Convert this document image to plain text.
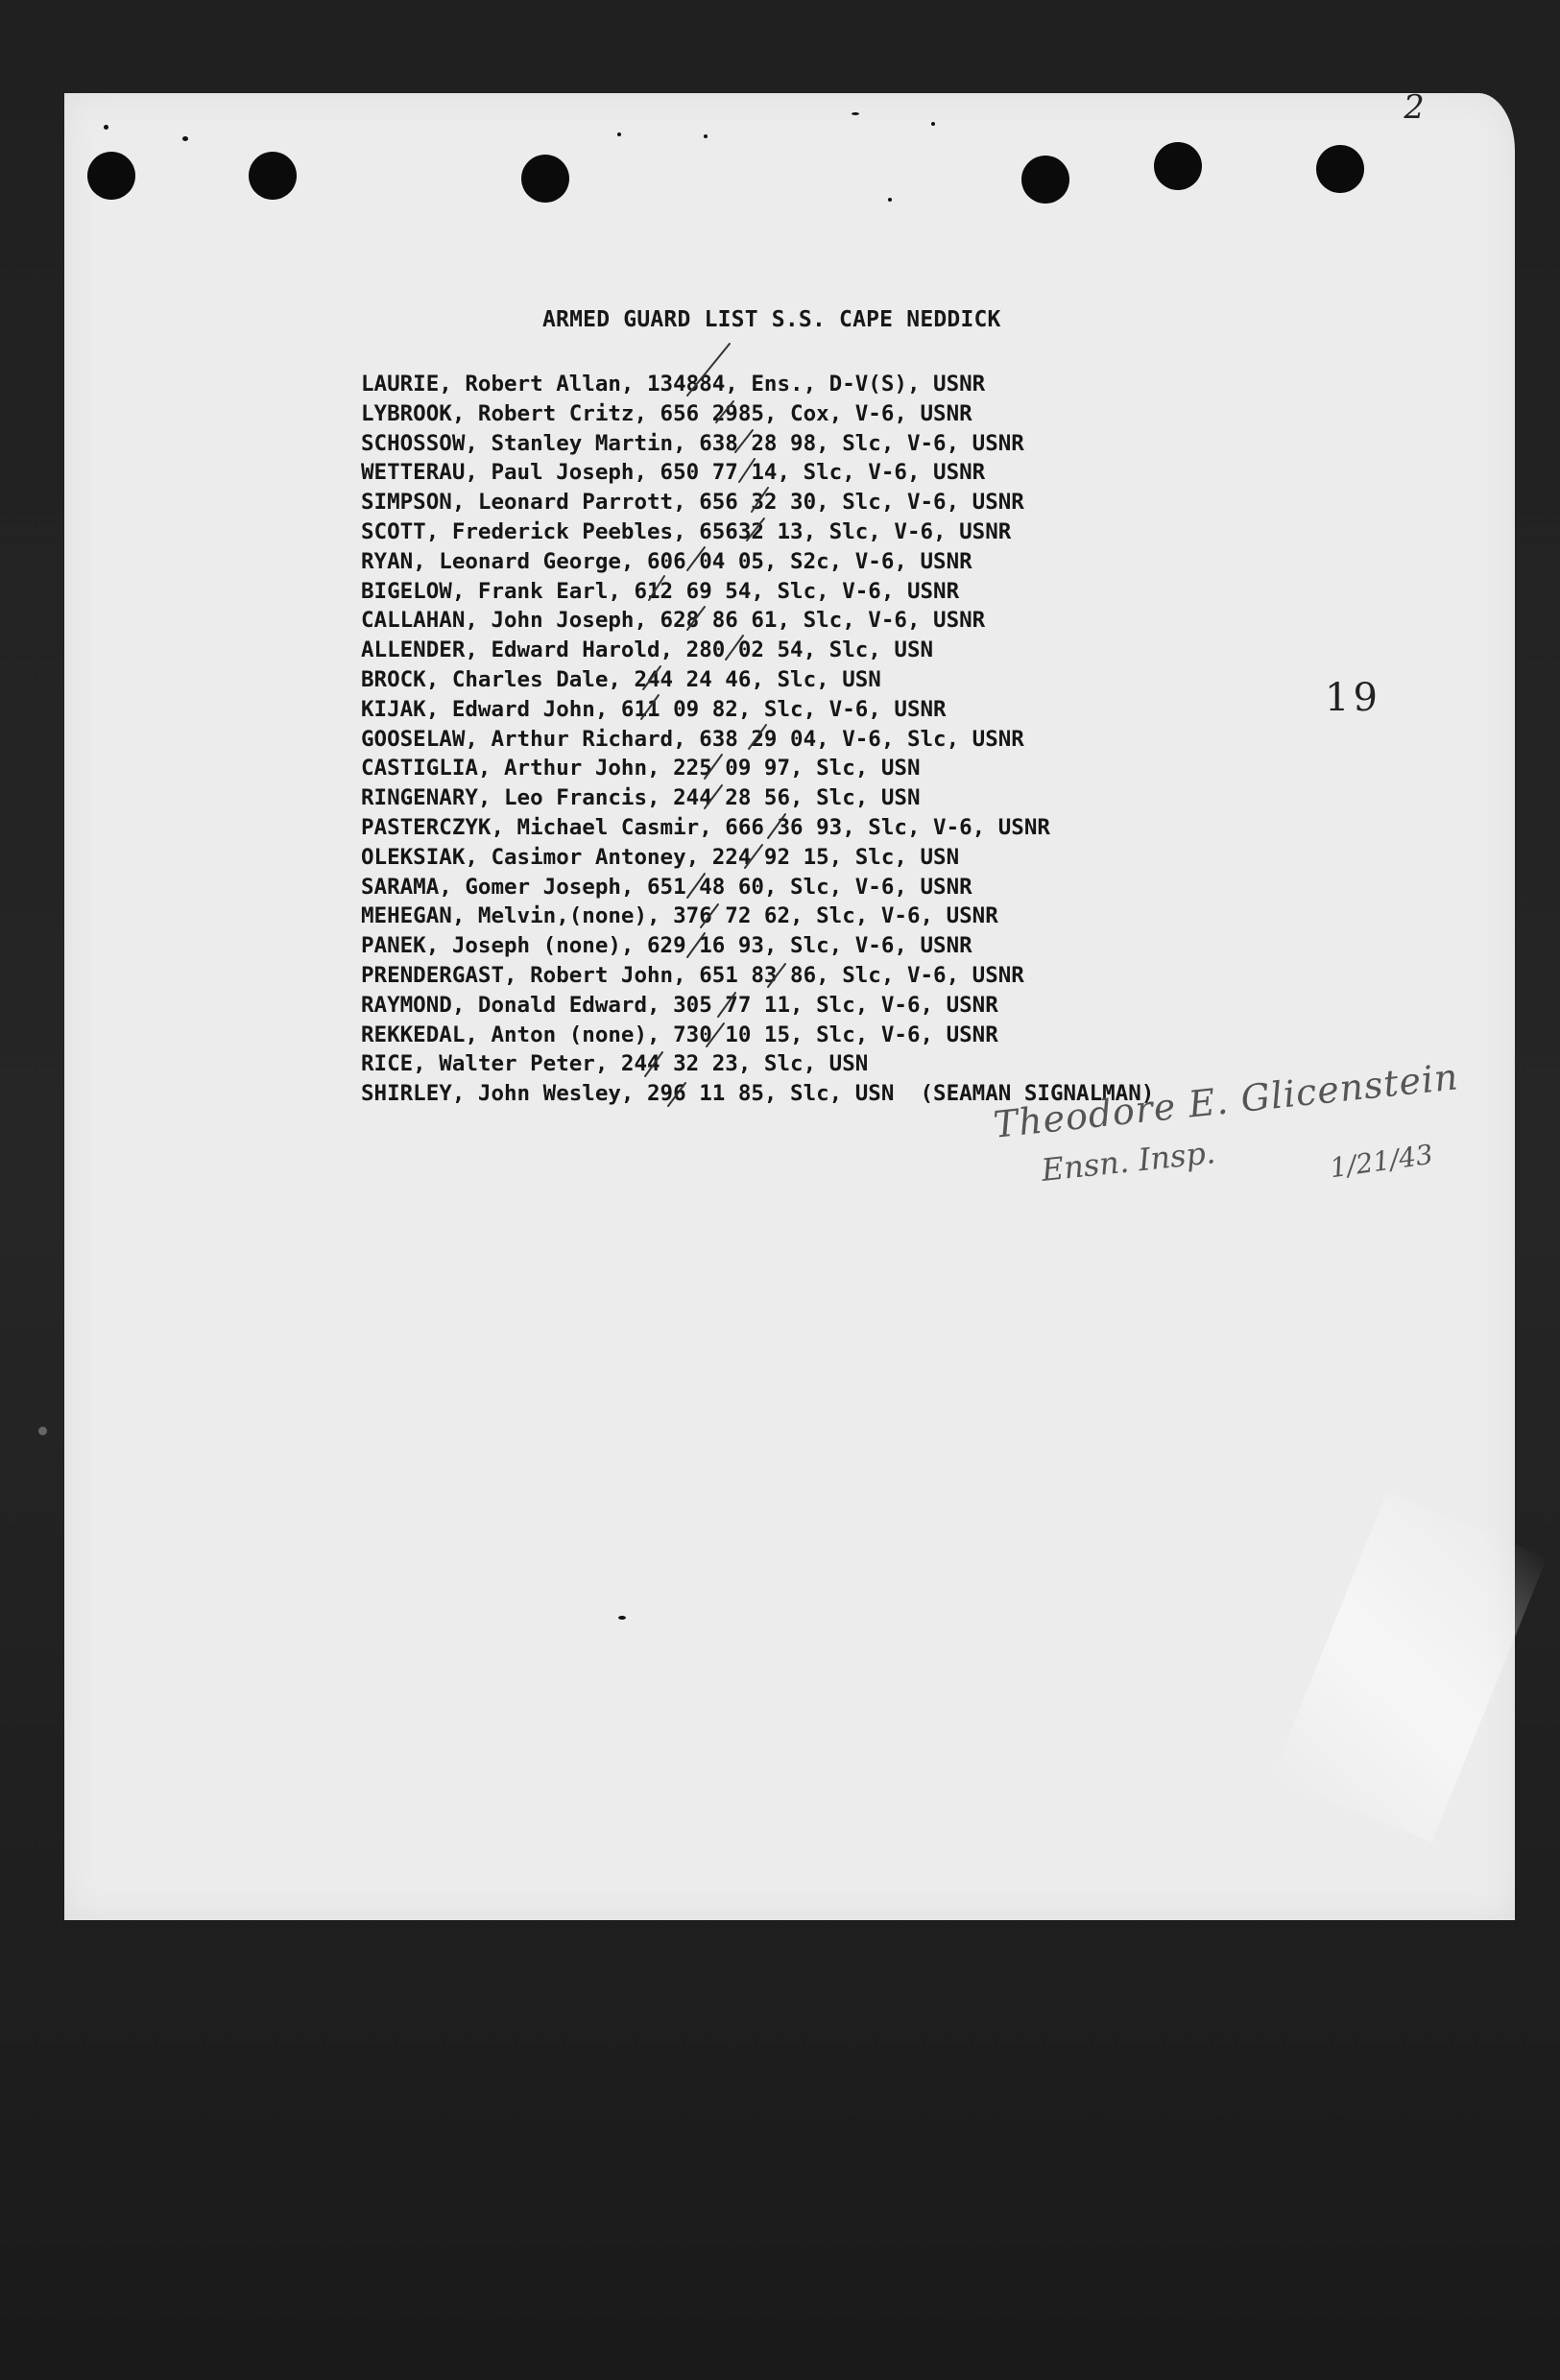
2
ARMED GUARD LIST S.S. CAPE NEDDICK
LAURIE, Robert Allan, 134884, Ens., D-V(S), USNR
LYBROOK, Robert Critz, 656 2985, Cox, V-6, USNR
SCHOSSOW, Stanley Martin, 638 28 98, Slc, V-6, USNR
WETTERAU, Paul Joseph, 650 77 14, Slc, V-6, USNR
SIMPSON, Leonard Parrott, 656 32 30, Slc, V-6, USNR
SCOTT, Frederick Peebles, 65632 13, Slc, V-6, USNR
RYAN, Leonard George, 606 04 05, S2c, V-6, USNR
BIGELOW, Frank Earl, 612 69 54, Slc, V-6, USNR
CALLAHAN, John Joseph, 628 86 61, Slc, V-6, USNR
ALLENDER, Edward Harold, 280 02 54, Slc, USN
BROCK, Charles Dale, 244 24 46, Slc, USN
KIJAK, Edward John, 611 09 82, Slc, V-6, USNR
GOOSELAW, Arthur Richard, 638 29 04, V-6, Slc, USNR
CASTIGLIA, Arthur John, 225 09 97, Slc, USN
RINGENARY, Leo Francis, 244 28 56, Slc, USN
PASTERCZYK, Michael Casmir, 666 36 93, Slc, V-6, USNR
OLEKSIAK, Casimor Antoney, 224 92 15, Slc, USN
SARAMA, Gomer Joseph, 651 48 60, Slc, V-6, USNR
MEHEGAN, Melvin,(none), 376 72 62, Slc, V-6, USNR
PANEK, Joseph (none), 629 16 93, Slc, V-6, USNR
PRENDERGAST, Robert John, 651 83 86, Slc, V-6, USNR
RAYMOND, Donald Edward, 305 77 11, Slc, V-6, USNR
REKKEDAL, Anton (none), 730 10 15, Slc, V-6, USNR
RICE, Walter Peter, 244 32 23, Slc, USN
SHIRLEY, John Wesley, 296 11 85, Slc, USN  (SEAMAN SIGNALMAN)
19
Theodore E. Glicenstein
Ensn. Insp.	1/21/43
